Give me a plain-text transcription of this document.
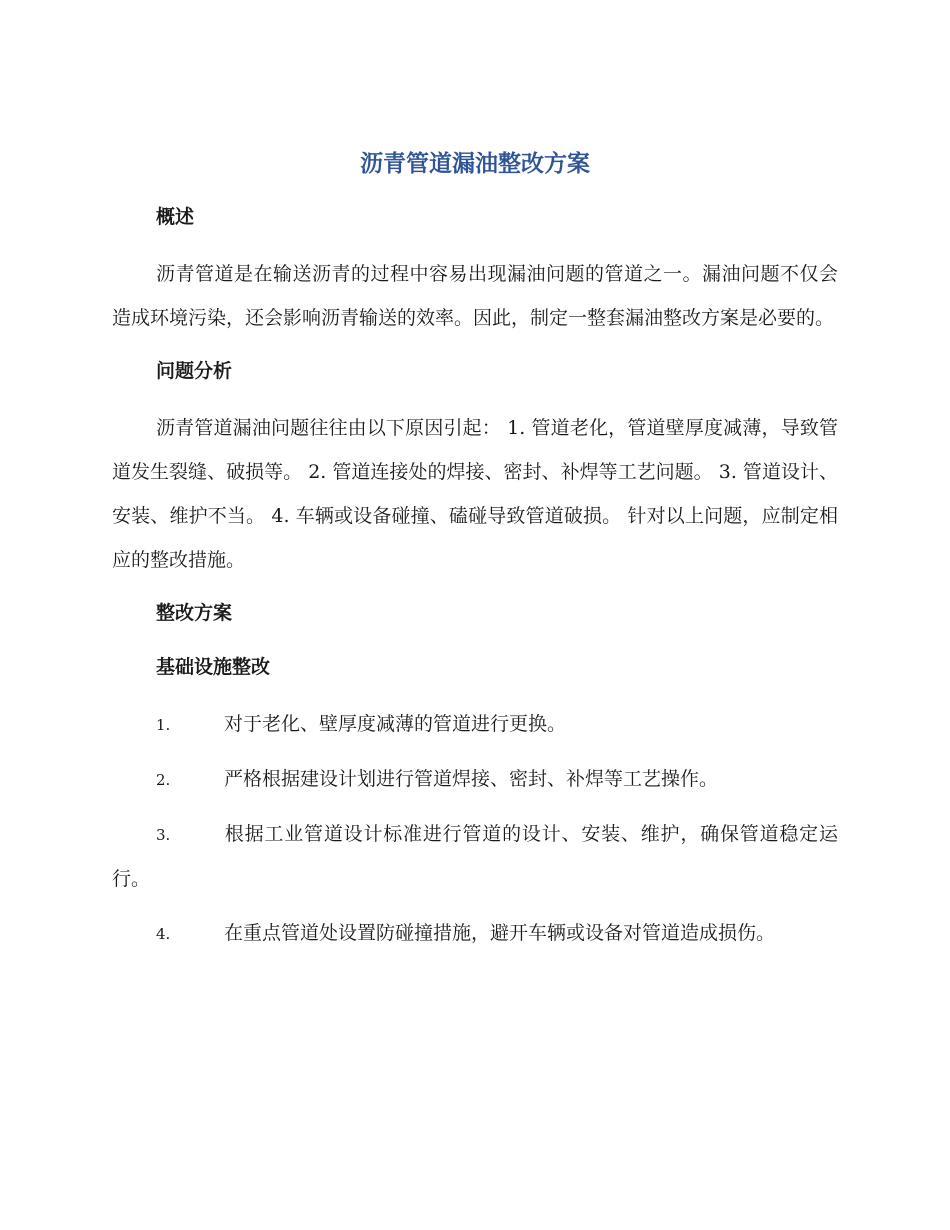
沥青管道漏油整改方案
概述

沥青管道是在输送沥青的过程中容易出现漏油问题的管道之一。漏油问题不仅会造成环境污染，还会影响沥青输送的效率。因此，制定一整套漏油整改方案是必要的。

问题分析

沥青管道漏油问题往往由以下原因引起： 1. 管道老化，管道壁厚度减薄，导致管道发生裂缝、破损等。 2. 管道连接处的焊接、密封、补焊等工艺问题。 3. 管道设计、安装、维护不当。 4. 车辆或设备碰撞、磕碰导致管道破损。 针对以上问题，应制定相应的整改措施。

整改方案
基础设施整改
1.	对于老化、壁厚度减薄的管道进行更换。
2.	严格根据建设计划进行管道焊接、密封、补焊等工艺操作。
3.	根据工业管道设计标准进行管道的设计、安装、维护，确保管道稳定运行。
4.	在重点管道处设置防碰撞措施，避开车辆或设备对管道造成损伤。
